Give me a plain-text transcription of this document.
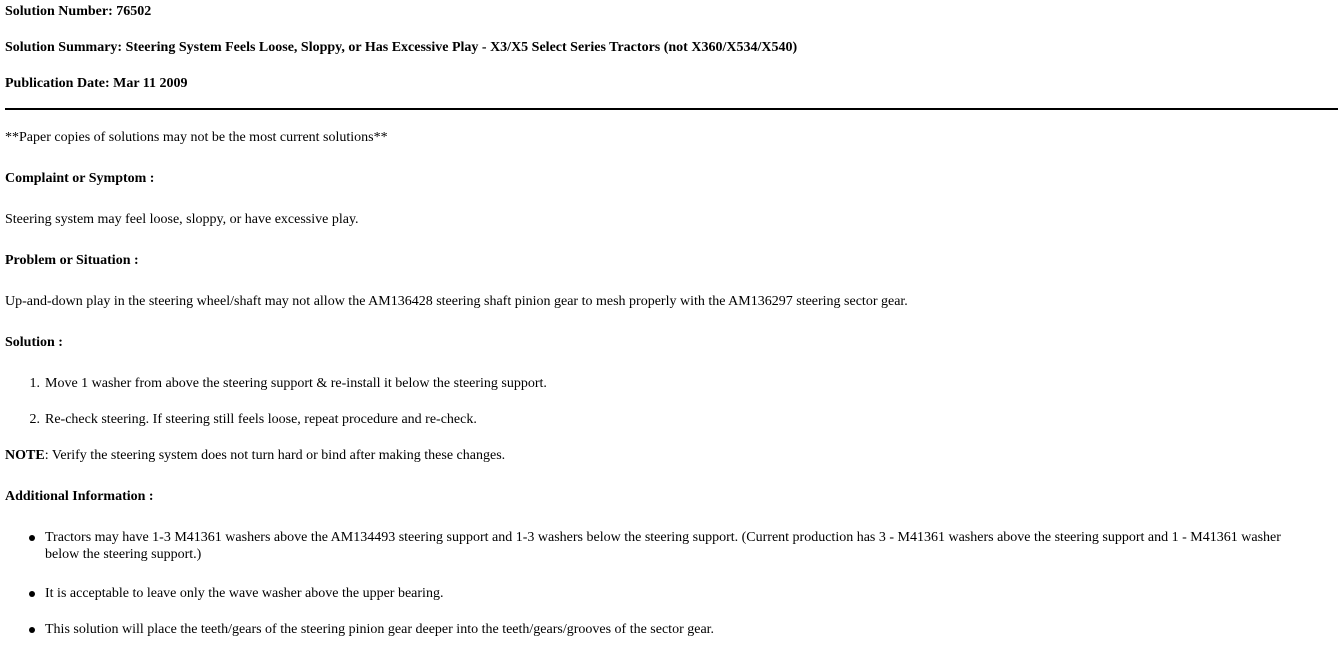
Solution Number: 76502
Solution Summary: Steering System Feels Loose, Sloppy, or Has Excessive Play - X3/X5 Select Series Tractors (not X360/X534/X540)
Publication Date: Mar 11 2009
**Paper copies of solutions may not be the most current solutions**
Complaint or Symptom :
Steering system may feel loose, sloppy, or have excessive play.
Problem or Situation :
Up-and-down play in the steering wheel/shaft may not allow the AM136428 steering shaft pinion gear to mesh properly with the AM136297 steering sector gear.
Solution :
1. Move 1 washer from above the steering support & re-install it below the steering support.
2. Re-check steering. If steering still feels loose, repeat procedure and re-check.
NOTE: Verify the steering system does not turn hard or bind after making these changes.
Additional Information :
Tractors may have 1-3 M41361 washers above the AM134493 steering support and 1-3 washers below the steering support. (Current production has 3 - M41361 washers above the steering support and 1 - M41361 washer below the steering support.)
It is acceptable to leave only the wave washer above the upper bearing.
This solution will place the teeth/gears of the steering pinion gear deeper into the teeth/gears/grooves of the sector gear.
